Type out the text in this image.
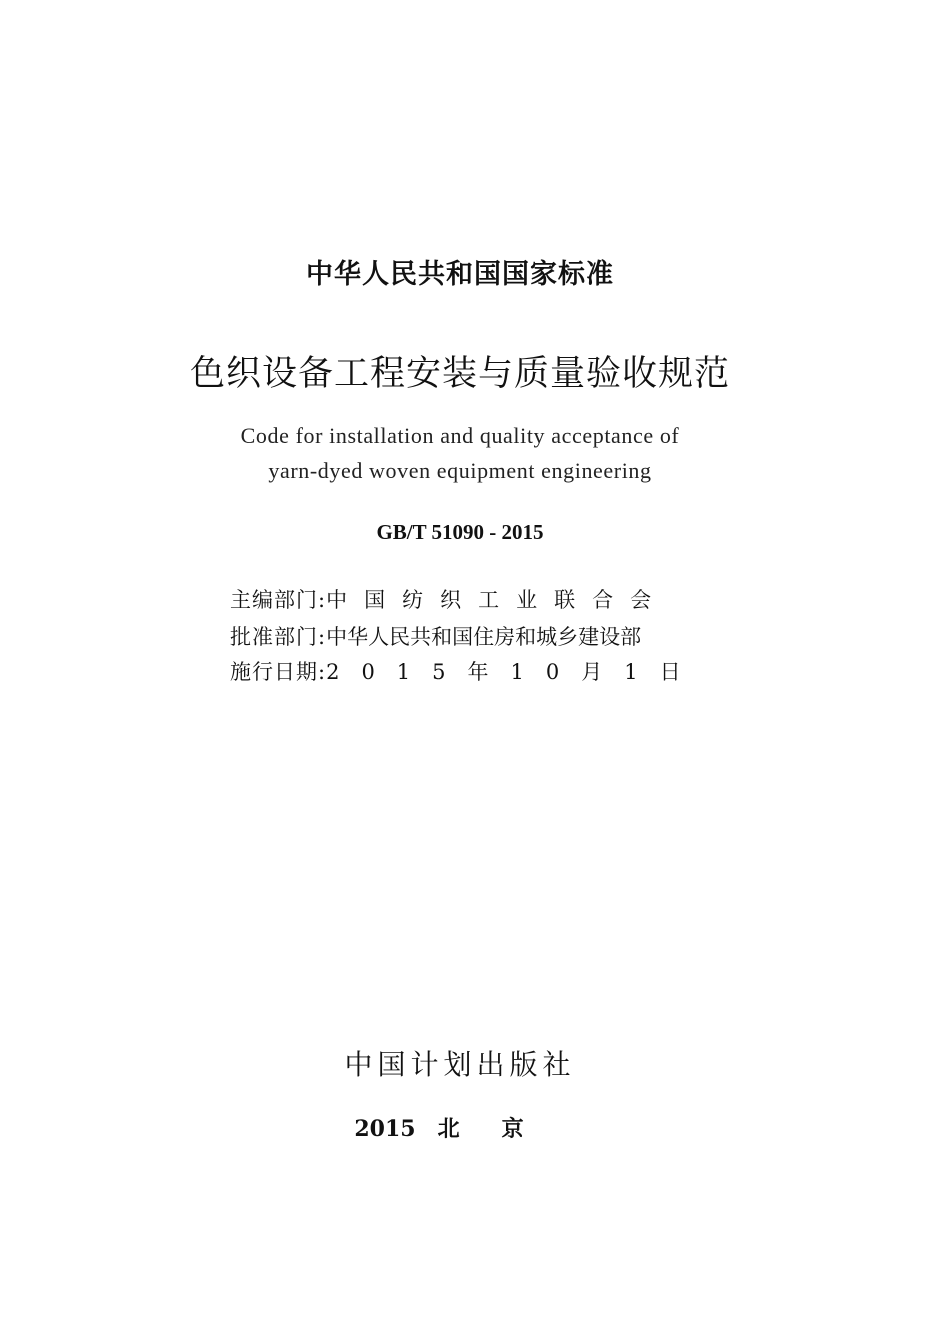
中华人民共和国国家标准
色织设备工程安装与质量验收规范
Code for installation and quality acceptance of
yarn-dyed woven equipment engineering
GB/T 51090 - 2015
主编部门:中国纺织工业联合会
批准部门:中华人民共和国住房和城乡建设部
施行日期:2015年10月1日
中国计划出版社
2015 北京
